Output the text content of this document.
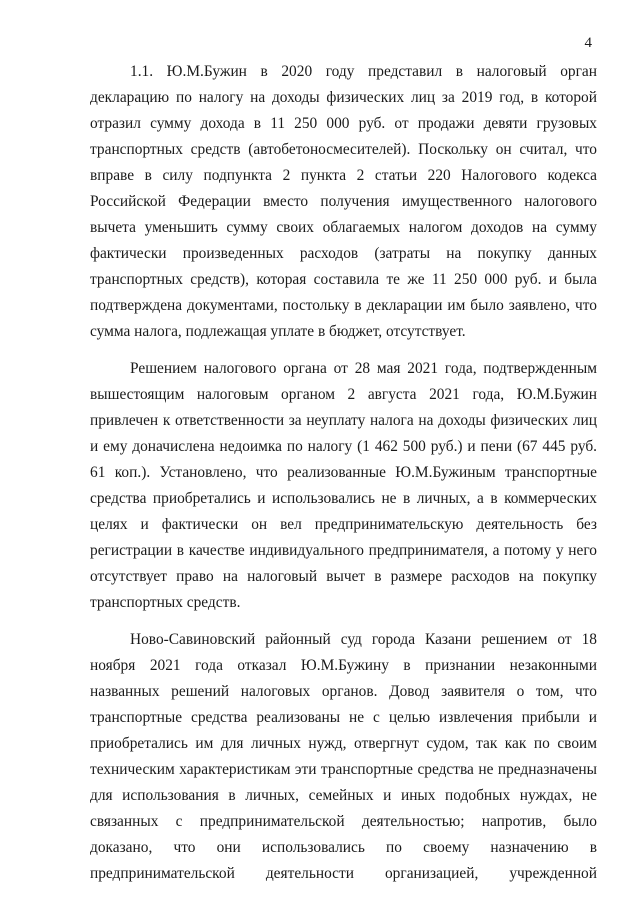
4
1.1. Ю.М.Бужин в 2020 году представил в налоговый орган
декларацию по налогу на доходы физических лиц за 2019 год, в которой
отразил сумму дохода в 11 250 000 руб. от продажи девяти грузовых
транспортных средств (автобетоносмесителей). Поскольку он считал, что
вправе в силу подпункта 2 пункта 2 статьи 220 Налогового кодекса
Российской Федерации вместо получения имущественного налогового
вычета уменьшить сумму своих облагаемых налогом доходов на сумму
фактически произведенных расходов (затраты на покупку данных
транспортных средств), которая составила те же 11 250 000 руб. и была
подтверждена документами, постольку в декларации им было заявлено, что
сумма налога, подлежащая уплате в бюджет, отсутствует.
Решением налогового органа от 28 мая 2021 года, подтвержденным
вышестоящим налоговым органом 2 августа 2021 года, Ю.М.Бужин
привлечен к ответственности за неуплату налога на доходы физических лиц
и ему доначислена недоимка по налогу (1 462 500 руб.) и пени (67 445 руб.
61 коп.). Установлено, что реализованные Ю.М.Бужиным транспортные
средства приобретались и использовались не в личных, а в коммерческих
целях и фактически он вел предпринимательскую деятельность без
регистрации в качестве индивидуального предпринимателя, а потому у него
отсутствует право на налоговый вычет в размере расходов на покупку
транспортных средств.
Ново-Савиновский районный суд города Казани решением от 18
ноября 2021 года отказал Ю.М.Бужину в признании незаконными
названных решений налоговых органов. Довод заявителя о том, что
транспортные средства реализованы не с целью извлечения прибыли и
приобретались им для личных нужд, отвергнут судом, так как по своим
техническим характеристикам эти транспортные средства не предназначены
для использования в личных, семейных и иных подобных нуждах, не
связанных с предпринимательской деятельностью; напротив, было
доказано, что они использовались по своему назначению в
предпринимательской деятельности организацией, учрежденной
